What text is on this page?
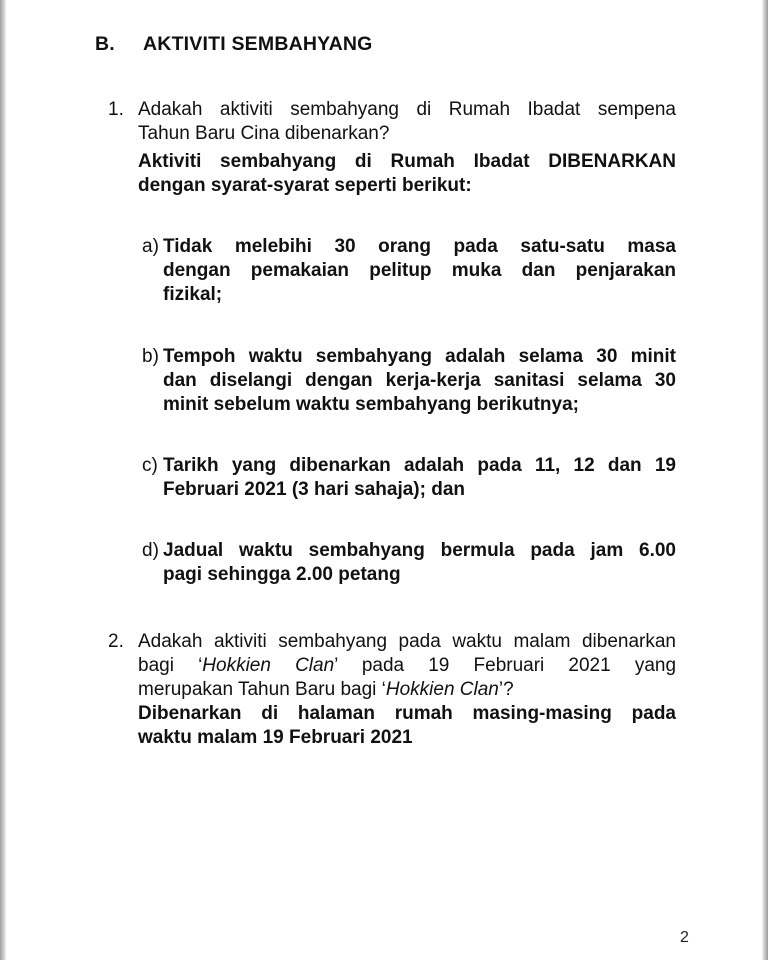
B. AKTIVITI SEMBAHYANG
1. Adakah aktiviti sembahyang di Rumah Ibadat sempena
Tahun Baru Cina dibenarkan?
Aktiviti sembahyang di Rumah Ibadat DIBENARKAN
dengan syarat-syarat seperti berikut:
a) Tidak melebihi 30 orang pada satu-satu masa
dengan pemakaian pelitup muka dan penjarakan
fizikal;
b) Tempoh waktu sembahyang adalah selama 30 minit
dan diselangi dengan kerja-kerja sanitasi selama 30
minit sebelum waktu sembahyang berikutnya;
c) Tarikh yang dibenarkan adalah pada 11, 12 dan 19
Februari 2021 (3 hari sahaja); dan
d) Jadual waktu sembahyang bermula pada jam 6.00
pagi sehingga 2.00 petang
2. Adakah aktiviti sembahyang pada waktu malam dibenarkan
bagi ‘Hokkien Clan’ pada 19 Februari 2021 yang
merupakan Tahun Baru bagi ‘Hokkien Clan’?
Dibenarkan di halaman rumah masing-masing pada
waktu malam 19 Februari 2021
2
